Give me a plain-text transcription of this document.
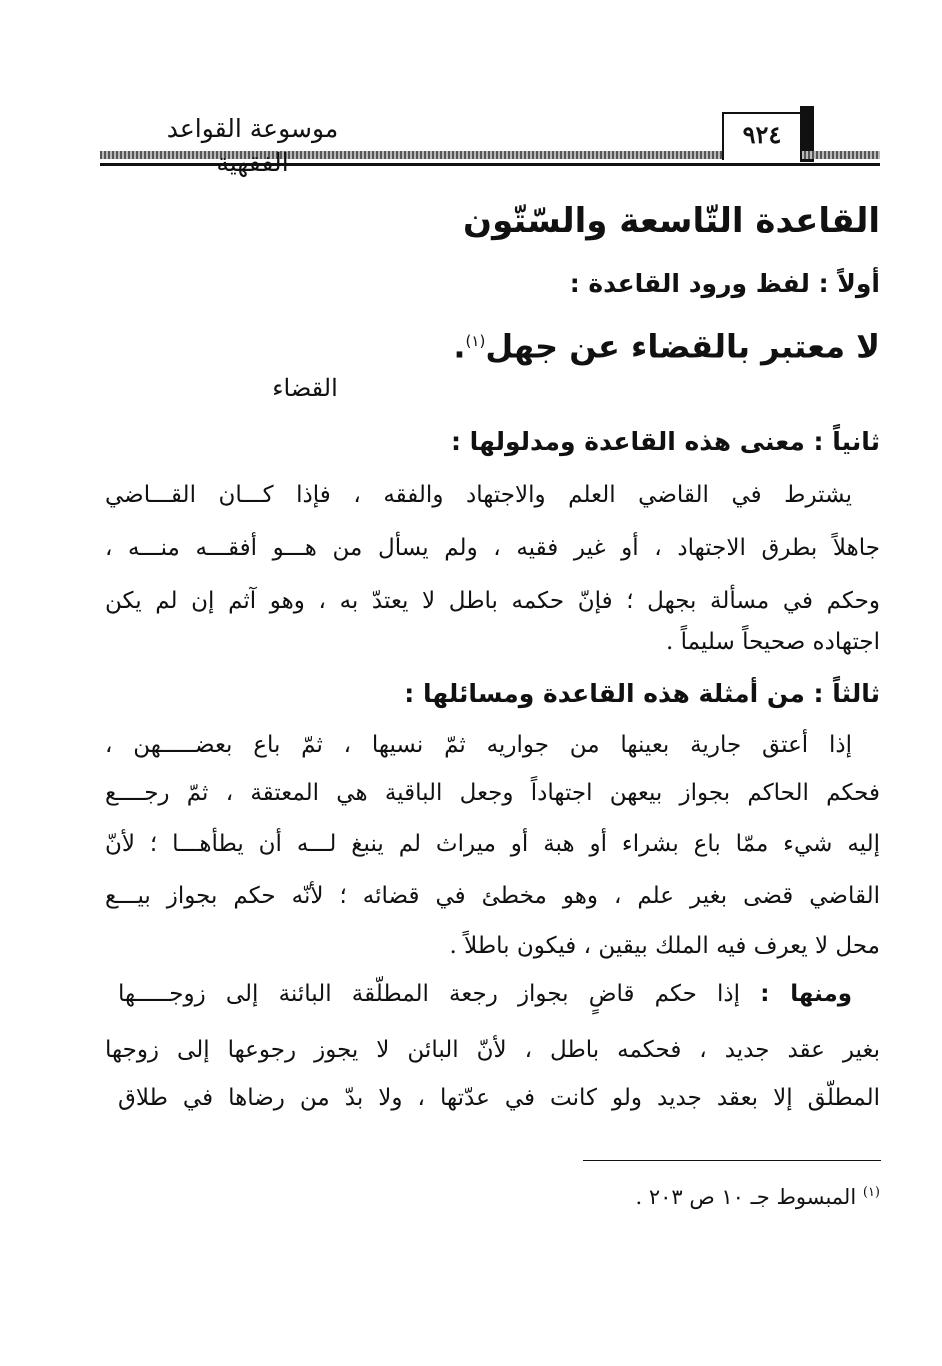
٩٢٤
موسوعة القواعد الفقهية
القاعدة التّاسعة والسّتّون
أولاً : لفظ ورود القاعدة :
لا معتبر بالقضاء عن جهل$^{(١)}$.
القضاء
ثانياً : معنى هذه القاعدة ومدلولها :
يشترط في القاضي العلم والاجتهاد والفقه ، فإذا كـــان القـــاضي
جاهلاً بطرق الاجتهاد ، أو غير فقيه ، ولم يسأل من هـــو أفقـــه منـــه ،
وحكم في مسألة بجهل ؛ فإنّ حكمه باطل لا يعتدّ به ، وهو آثم إن لم يكن
اجتهاده صحيحاً سليماً .
ثالثاً : من أمثلة هذه القاعدة ومسائلها :
إذا أعتق جارية بعينها من جواريه ثمّ نسيها ، ثمّ باع بعضـــــهن ،
فحكم الحاكم بجواز بيعهن اجتهاداً وجعل الباقية هي المعتقة ، ثمّ رجــــع
إليه شيء ممّا باع بشراء أو هبة أو ميراث لم ينبغ لـــه أن يطأهـــا ؛ لأنّ
القاضي قضى بغير علم ، وهو مخطئ في قضائه ؛ لأنّه حكم بجواز بيـــع
محل لا يعرف فيه الملك بيقين ، فيكون باطلاً .
ومنها : إذا حكم قاضٍ بجواز رجعة المطلّقة البائنة إلى زوجـــــها
بغير عقد جديد ، فحكمه باطل ، لأنّ البائن لا يجوز رجوعها إلى زوجها
المطلّق إلا بعقد جديد ولو كانت في عدّتها ، ولا بدّ من رضاها في طلاق
$^{(١)}$ المبسوط جـ ١٠ ص ٢٠٣ .
